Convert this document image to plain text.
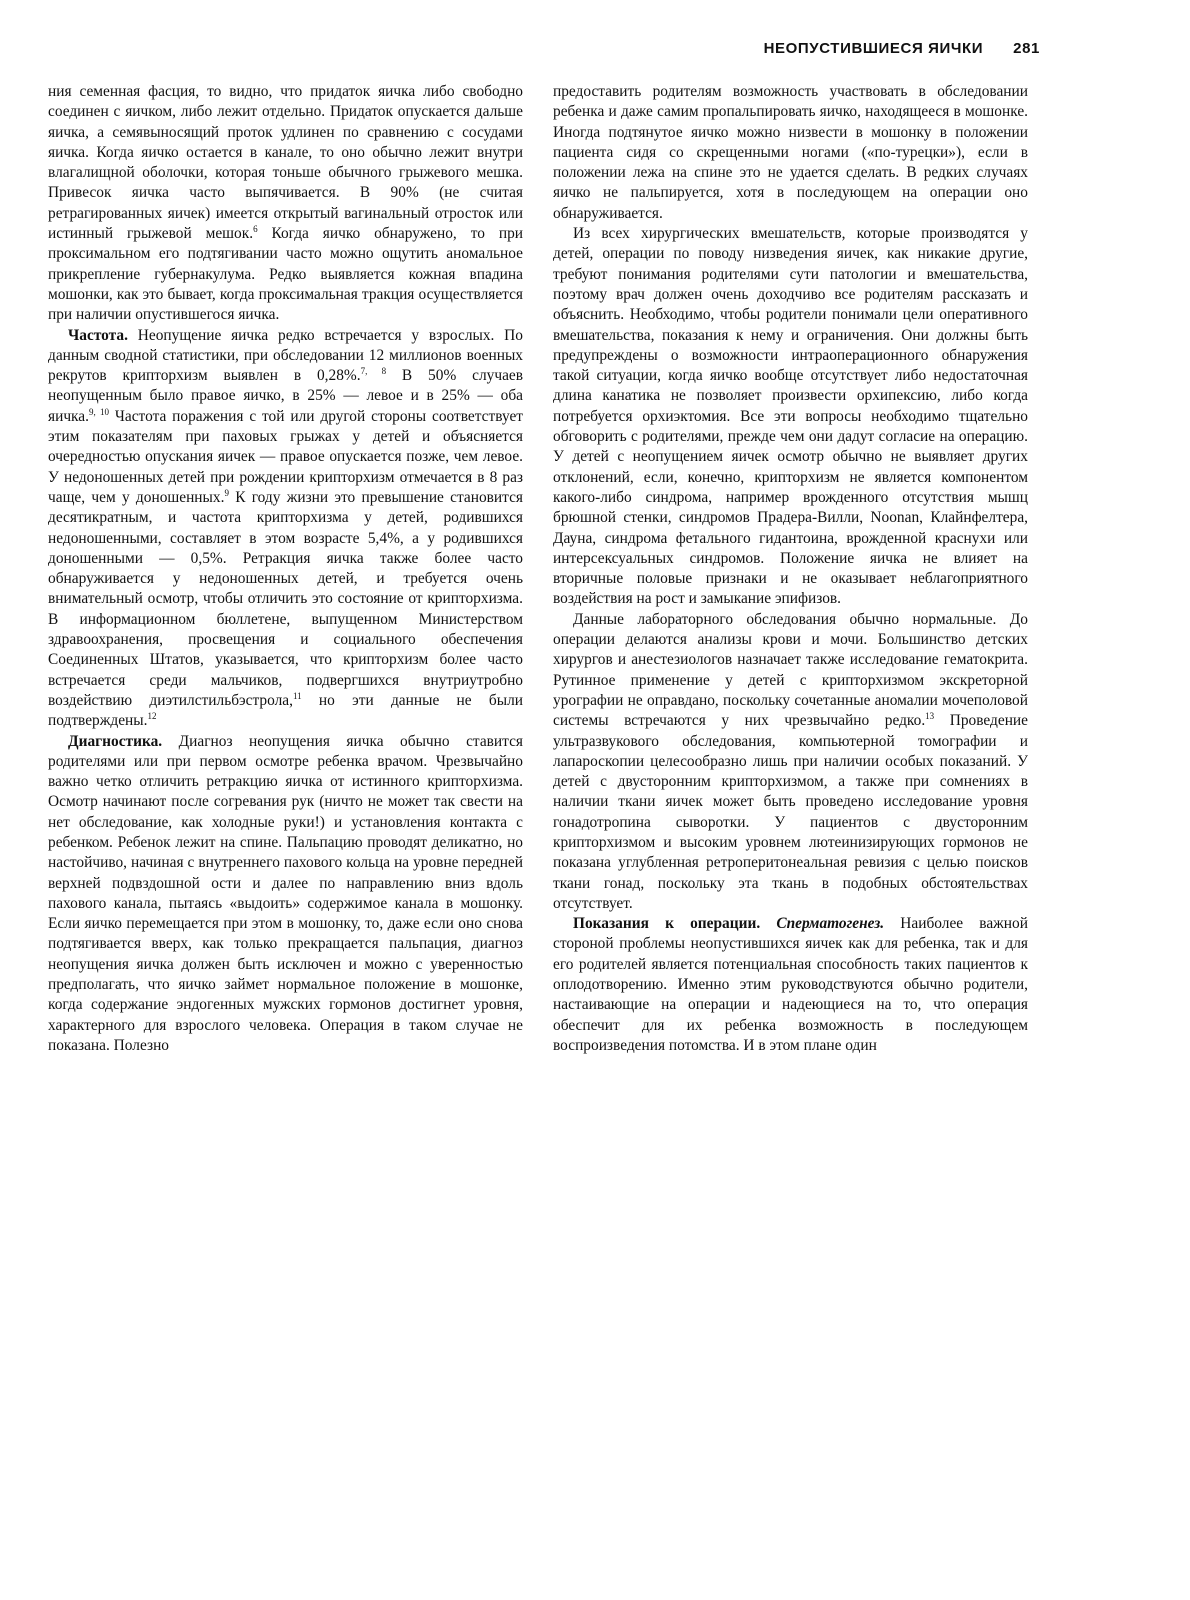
НЕОПУСТИВШИЕСЯ ЯИЧКИ 281

ния семенная фасция, то видно, что придаток яичка либо свободно соединен с яичком, либо лежит отдельно. Придаток опускается дальше яичка, а семявыносящий проток удлинен по сравнению с сосудами яичка. Когда яичко остается в канале, то оно обычно лежит внутри влагалищной оболочки, которая тоньше обычного грыжевого мешка. Привесок яичка часто выпячивается. В 90% (не считая ретрагированных яичек) имеется открытый вагинальный отросток или истинный грыжевой мешок.$^6$ Когда яичко обнаружено, то при проксимальном его подтягивании часто можно ощутить аномальное прикрепление губернакулума. Редко выявляется кожная впадина мошонки, как это бывает, когда проксимальная тракция осуществляется при наличии опустившегося яичка.

Частота. Неопущение яичка редко встречается у взрослых. По данным сводной статистики, при обследовании 12 миллионов военных рекрутов крипторхизм выявлен в 0,28%.$^{7, 8}$ В 50% случаев неопущенным было правое яичко, в 25% — левое и в 25% — оба яичка.$^{9, 10}$ Частота поражения с той или другой стороны соответствует этим показателям при паховых грыжах у детей и объясняется очередностью опускания яичек — правое опускается позже, чем левое. У недоношенных детей при рождении крипторхизм отмечается в 8 раз чаще, чем у доношенных.$^9$ К году жизни это превышение становится десятикратным, и частота крипторхизма у детей, родившихся недоношенными, составляет в этом возрасте 5,4%, а у родившихся доношенными — 0,5%. Ретракция яичка также более часто обнаруживается у недоношенных детей, и требуется очень внимательный осмотр, чтобы отличить это состояние от крипторхизма. В информационном бюллетене, выпущенном Министерством здравоохранения, просвещения и социального обеспечения Соединенных Штатов, указывается, что крипторхизм более часто встречается среди мальчиков, подвергшихся внутриутробно воздействию диэтилстильбэстрола,$^{11}$ но эти данные не были подтверждены.$^{12}$

Диагностика. Диагноз неопущения яичка обычно ставится родителями или при первом осмотре ребенка врачом. Чрезвычайно важно четко отличить ретракцию яичка от истинного крипторхизма. Осмотр начинают после согревания рук (ничто не может так свести на нет обследование, как холодные руки!) и установления контакта с ребенком. Ребенок лежит на спине. Пальпацию проводят деликатно, но настойчиво, начиная с внутреннего пахового кольца на уровне передней верхней подвздошной ости и далее по направлению вниз вдоль пахового канала, пытаясь «выдоить» содержимое канала в мошонку. Если яичко перемещается при этом в мошонку, то, даже если оно снова подтягивается вверх, как только прекращается пальпация, диагноз неопущения яичка должен быть исключен и можно с уверенностью предполагать, что яичко займет нормальное положение в мошонке, когда содержание эндогенных мужских гормонов достигнет уровня, характерного для взрослого человека. Операция в таком случае не показана. Полезно

предоставить родителям возможность участвовать в обследовании ребенка и даже самим пропальпировать яичко, находящееся в мошонке. Иногда подтянутое яичко можно низвести в мошонку в положении пациента сидя со скрещенными ногами («по-турецки»), если в положении лежа на спине это не удается сделать. В редких случаях яичко не пальпируется, хотя в последующем на операции оно обнаруживается.

Из всех хирургических вмешательств, которые производятся у детей, операции по поводу низведения яичек, как никакие другие, требуют понимания родителями сути патологии и вмешательства, поэтому врач должен очень доходчиво все родителям рассказать и объяснить. Необходимо, чтобы родители понимали цели оперативного вмешательства, показания к нему и ограничения. Они должны быть предупреждены о возможности интраоперационного обнаружения такой ситуации, когда яичко вообще отсутствует либо недостаточная длина канатика не позволяет произвести орхипексию, либо когда потребуется орхиэктомия. Все эти вопросы необходимо тщательно обговорить с родителями, прежде чем они дадут согласие на операцию. У детей с неопущением яичек осмотр обычно не выявляет других отклонений, если, конечно, крипторхизм не является компонентом какого-либо синдрома, например врожденного отсутствия мышц брюшной стенки, синдромов Прадера-Вилли, Noonan, Клайнфелтера, Дауна, синдрома фетального гидантоина, врожденной краснухи или интерсексуальных синдромов. Положение яичка не влияет на вторичные половые признаки и не оказывает неблагоприятного воздействия на рост и замыкание эпифизов.

Данные лабораторного обследования обычно нормальные. До операции делаются анализы крови и мочи. Большинство детских хирургов и анестезиологов назначает также исследование гематокрита. Рутинное применение у детей с крипторхизмом экскреторной урографии не оправдано, поскольку сочетанные аномалии мочеполовой системы встречаются у них чрезвычайно редко.$^{13}$ Проведение ультразвукового обследования, компьютерной томографии и лапароскопии целесообразно лишь при наличии особых показаний. У детей с двусторонним крипторхизмом, а также при сомнениях в наличии ткани яичек может быть проведено исследование уровня гонадотропина сыворотки. У пациентов с двусторонним крипторхизмом и высоким уровнем лютеинизирующих гормонов не показана углубленная ретроперитонеальная ревизия с целью поисков ткани гонад, поскольку эта ткань в подобных обстоятельствах отсутствует.

Показания к операции. Сперматогенез. Наиболее важной стороной проблемы неопустившихся яичек как для ребенка, так и для его родителей является потенциальная способность таких пациентов к оплодотворению. Именно этим руководствуются обычно родители, настаивающие на операции и надеющиеся на то, что операция обеспечит для их ребенка возможность в последующем воспроизведения потомства. И в этом плане один
